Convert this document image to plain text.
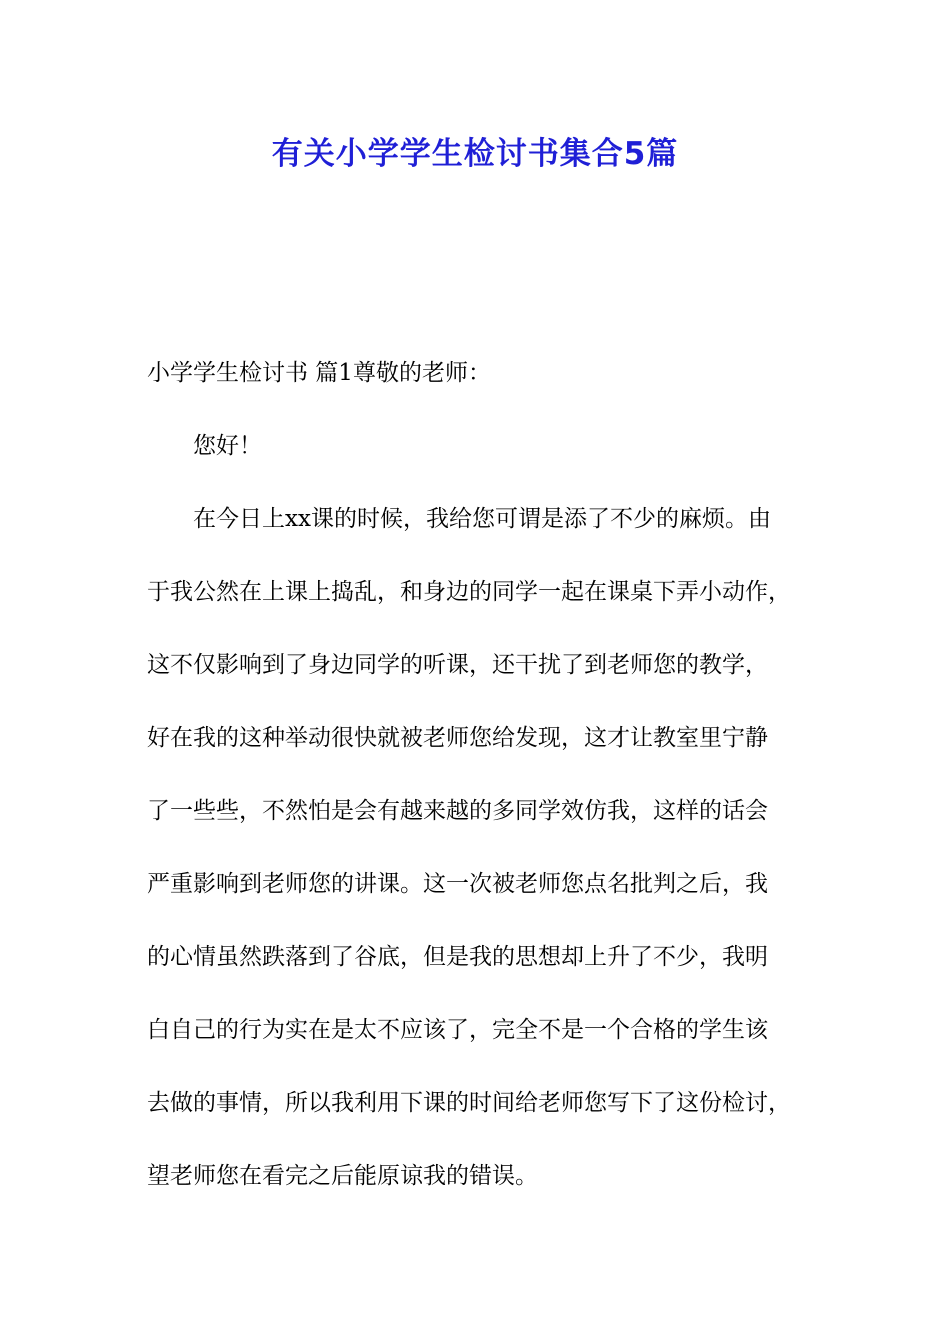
有关小学学生检讨书集合5篇
小学学生检讨书 篇1尊敬的老师：
您好！
在今日上xx课的时候，我给您可谓是添了不少的麻烦。由
于我公然在上课上捣乱，和身边的同学一起在课桌下弄小动作，
这不仅影响到了身边同学的听课，还干扰了到老师您的教学，
好在我的这种举动很快就被老师您给发现，这才让教室里宁静
了一些些，不然怕是会有越来越的多同学效仿我，这样的话会
严重影响到老师您的讲课。这一次被老师您点名批判之后，我
的心情虽然跌落到了谷底，但是我的思想却上升了不少，我明
白自己的行为实在是太不应该了，完全不是一个合格的学生该
去做的事情，所以我利用下课的时间给老师您写下了这份检讨，
望老师您在看完之后能原谅我的错误。
